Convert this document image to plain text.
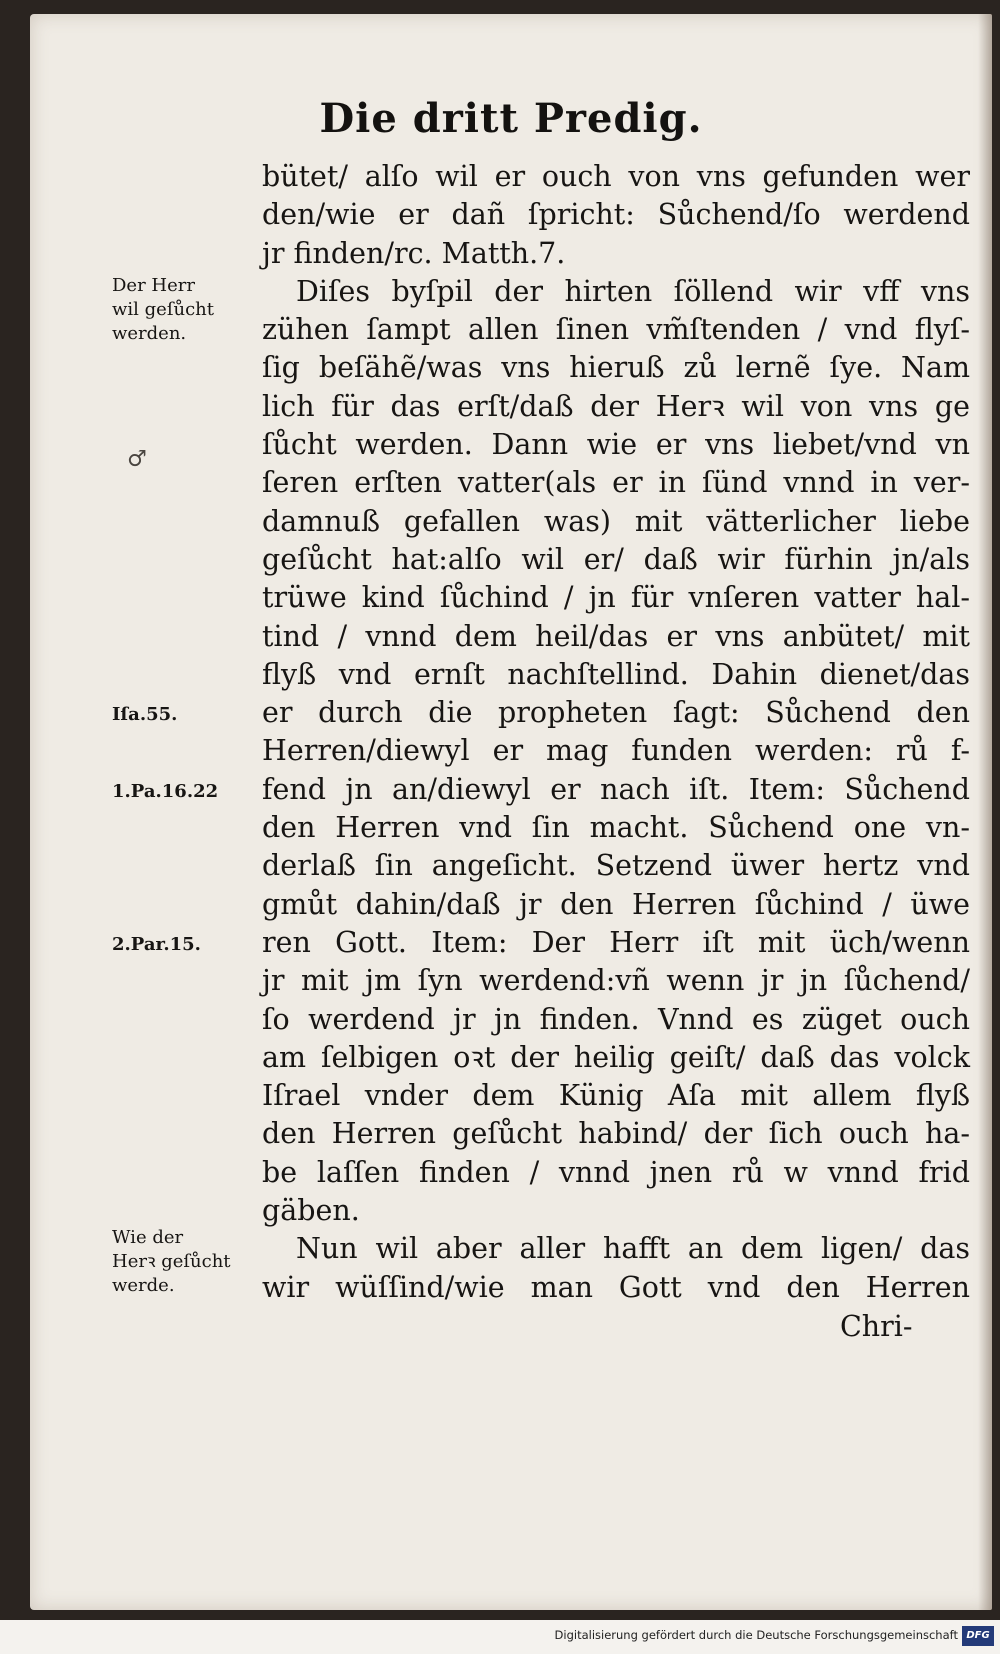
Die dritt Predig.
bütet/ alſo wil er ouch von vns gefunden wer
den/wie er dañ ſpricht: Sůchend/ſo werdend
jr finden/rc. Matth.7.
Diſes byſpil der hirten ſöllend wir vff vns
zühen ſampt allen ſinen vm̃ſtenden / vnd flyſ-
ſig beſähẽ/was vns hieruß zů lernẽ ſye. Nam
lich für das erſt/daß der Herꝛ wil von vns ge
ſůcht werden. Dann wie er vns liebet/vnd vn
ſeren erſten vatter(als er in ſünd vnnd in ver-
damnuß gefallen was) mit vätterlicher liebe
geſůcht hat:alſo wil er/ daß wir fürhin jn/als
trüwe kind ſůchind / jn für vnſeren vatter hal-
tind / vnnd dem heil/das er vns anbütet/ mit
flyß vnd ernſt nachſtellind. Dahin dienet/das
er durch die propheten ſagt: Sůchend den
Herren/diewyl er mag funden werden: rů f-
fend jn an/diewyl er nach iſt. Item: Sůchend
den Herren vnd ſin macht. Sůchend one vn-
derlaß ſin angeſicht. Setzend üwer hertz vnd
gmůt dahin/daß jr den Herren ſůchind / üwe
ren Gott. Item: Der Herr iſt mit üch/wenn
jr mit jm ſyn werdend:vñ wenn jr jn ſůchend/
ſo werdend jr jn finden. Vnnd es züget ouch
am ſelbigen oꝛt der heilig geiſt/ daß das volck
Iſrael vnder dem Künig Aſa mit allem flyß
den Herren geſůcht habind/ der ſich ouch ha-
be laſſen finden / vnnd jnen rů w vnnd frid
gäben.
Nun wil aber aller hafft an dem ligen/ das
wir wüſſind/wie man Gott vnd den Herren
Der Herr
wil geſůcht
werden.
Iſa.55.
1.Pa.16.22
2.Par.15.
Wie der
Herꝛ geſůcht
werde.
♂
Chri-
Digitalisierung gefördert durch die Deutsche Forschungsgemeinschaft DFG
